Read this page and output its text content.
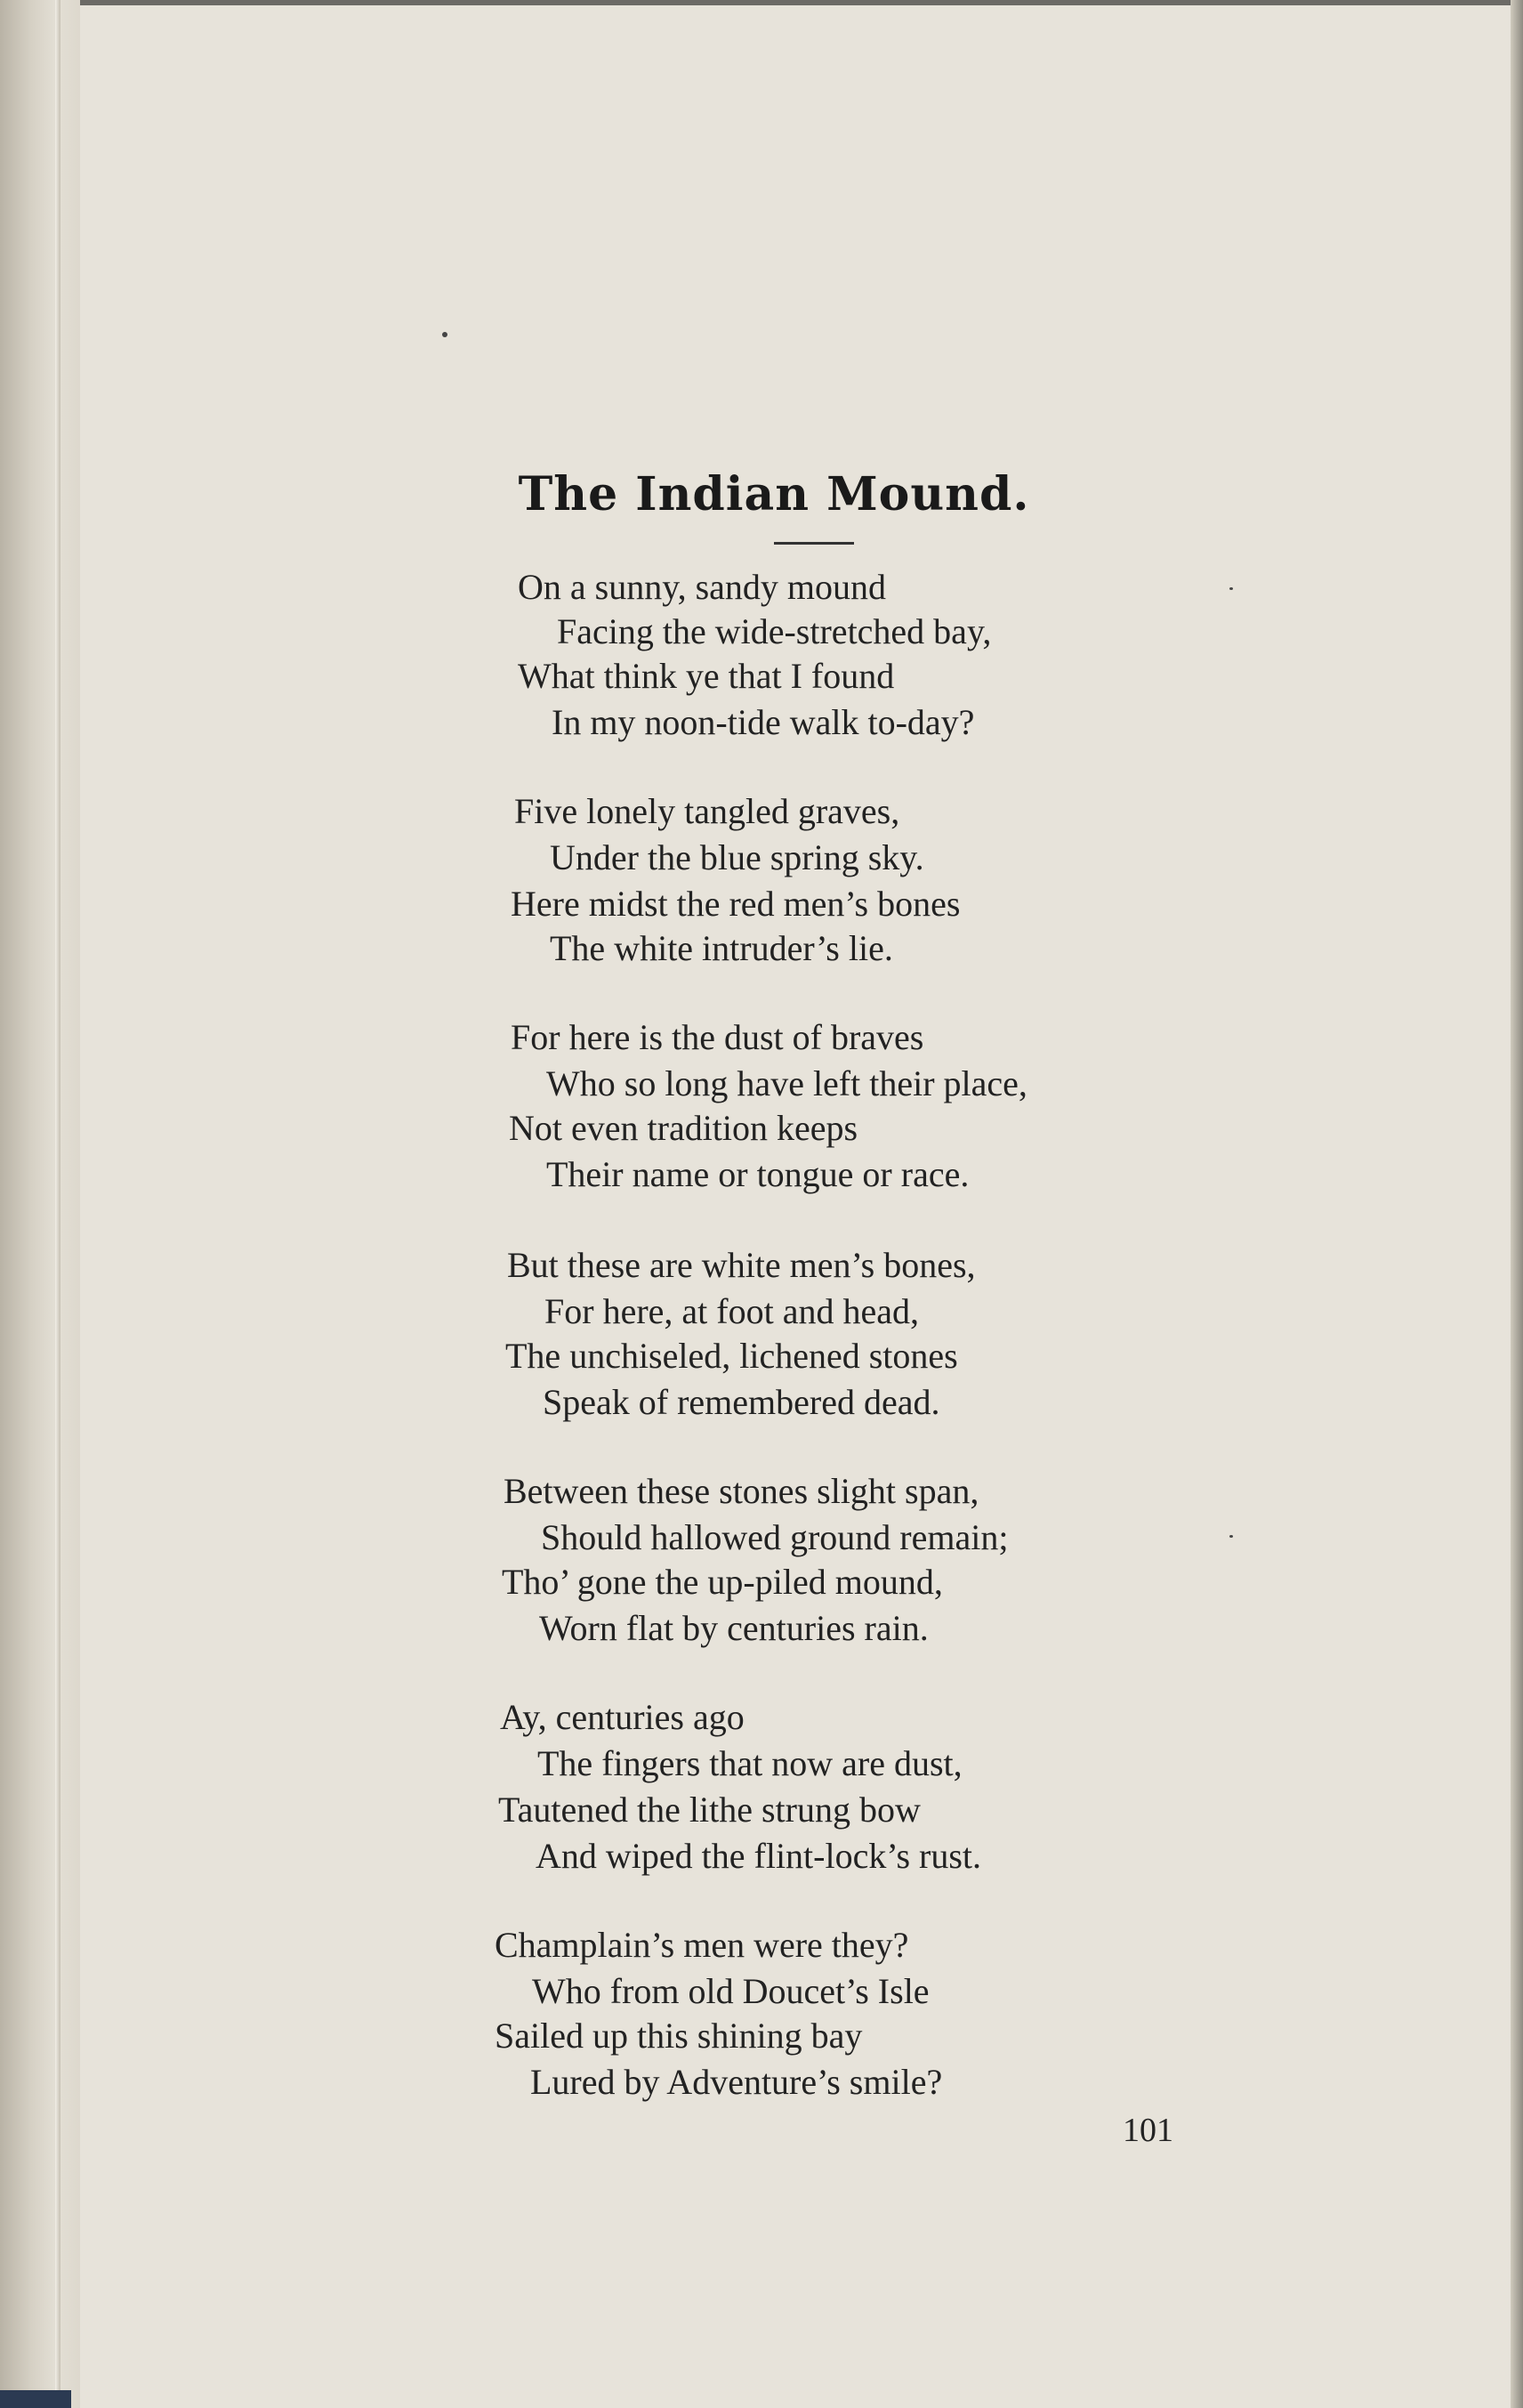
The Indian Mound.
On a sunny, sandy mound
Facing the wide-stretched bay,
What think ye that I found
In my noon-tide walk to-day?
Five lonely tangled graves,
Under the blue spring sky.
Here midst the red men’s bones
The white intruder’s lie.
For here is the dust of braves
Who so long have left their place,
Not even tradition keeps
Their name or tongue or race.
But these are white men’s bones,
For here, at foot and head,
The unchiseled, lichened stones
Speak of remembered dead.
Between these stones slight span,
Should hallowed ground remain;
Tho’ gone the up-piled mound,
Worn flat by centuries rain.
Ay, centuries ago
The fingers that now are dust,
Tautened the lithe strung bow
And wiped the flint-lock’s rust.
Champlain’s men were they?
Who from old Doucet’s Isle
Sailed up this shining bay
Lured by Adventure’s smile?
101
